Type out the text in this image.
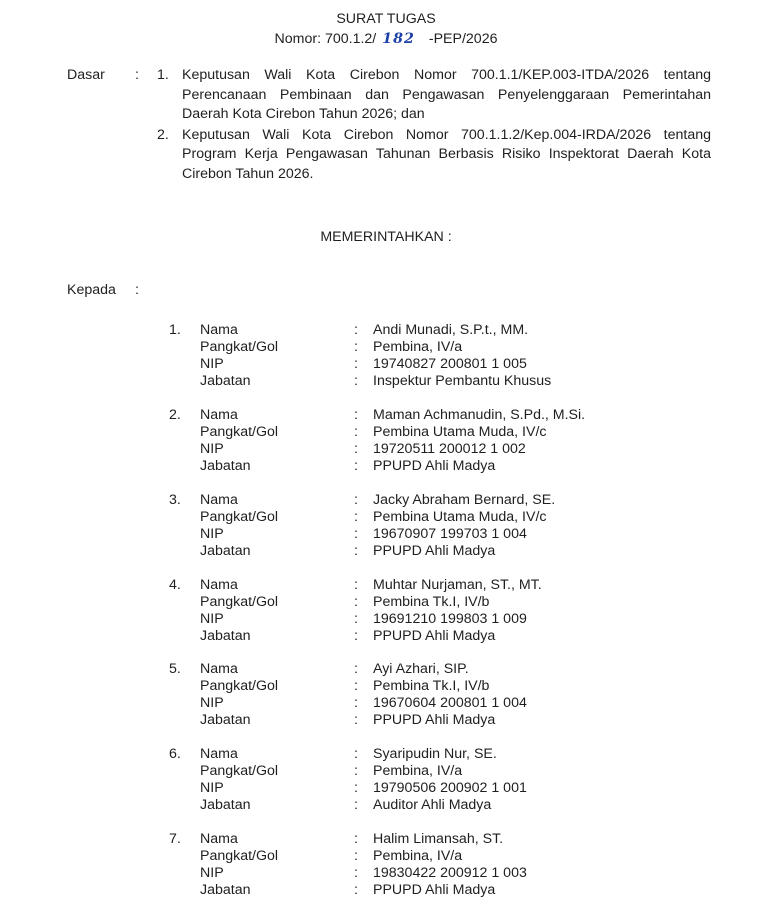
SURAT TUGAS
Nomor: 700.1.2/ 182 -PEP/2026
Dasar : 1. Keputusan Wali Kota Cirebon Nomor 700.1.1/KEP.003-ITDA/2026 tentang Perencanaan Pembinaan dan Pengawasan Penyelenggaraan Pemerintahan Daerah Kota Cirebon Tahun 2026; dan
2. Keputusan Wali Kota Cirebon Nomor 700.1.1.2/Kep.004-IRDA/2026 tentang Program Kerja Pengawasan Tahunan Berbasis Risiko Inspektorat Daerah Kota Cirebon Tahun 2026.
MEMERINTAHKAN :
Kepada :
1. Nama	: Andi Munadi, S.P.t., MM.
Pangkat/Gol	: Pembina, IV/a
NIP	: 19740827 200801 1 005
Jabatan	: Inspektur Pembantu Khusus
2. Nama	: Maman Achmanudin, S.Pd., M.Si.
Pangkat/Gol	: Pembina Utama Muda, IV/c
NIP	: 19720511 200012 1 002
Jabatan	: PPUPD Ahli Madya
3. Nama	: Jacky Abraham Bernard, SE.
Pangkat/Gol	: Pembina Utama Muda, IV/c
NIP	: 19670907 199703 1 004
Jabatan	: PPUPD Ahli Madya
4. Nama	: Muhtar Nurjaman, ST., MT.
Pangkat/Gol	: Pembina Tk.I, IV/b
NIP	: 19691210 199803 1 009
Jabatan	: PPUPD Ahli Madya
5. Nama	: Ayi Azhari, SIP.
Pangkat/Gol	: Pembina Tk.I, IV/b
NIP	: 19670604 200801 1 004
Jabatan	: PPUPD Ahli Madya
6. Nama	: Syaripudin Nur, SE.
Pangkat/Gol	: Pembina, IV/a
NIP	: 19790506 200902 1 001
Jabatan	: Auditor Ahli Madya
7. Nama	: Halim Limansah, ST.
Pangkat/Gol	: Pembina, IV/a
NIP	: 19830422 200912 1 003
Jabatan	: PPUPD Ahli Madya
